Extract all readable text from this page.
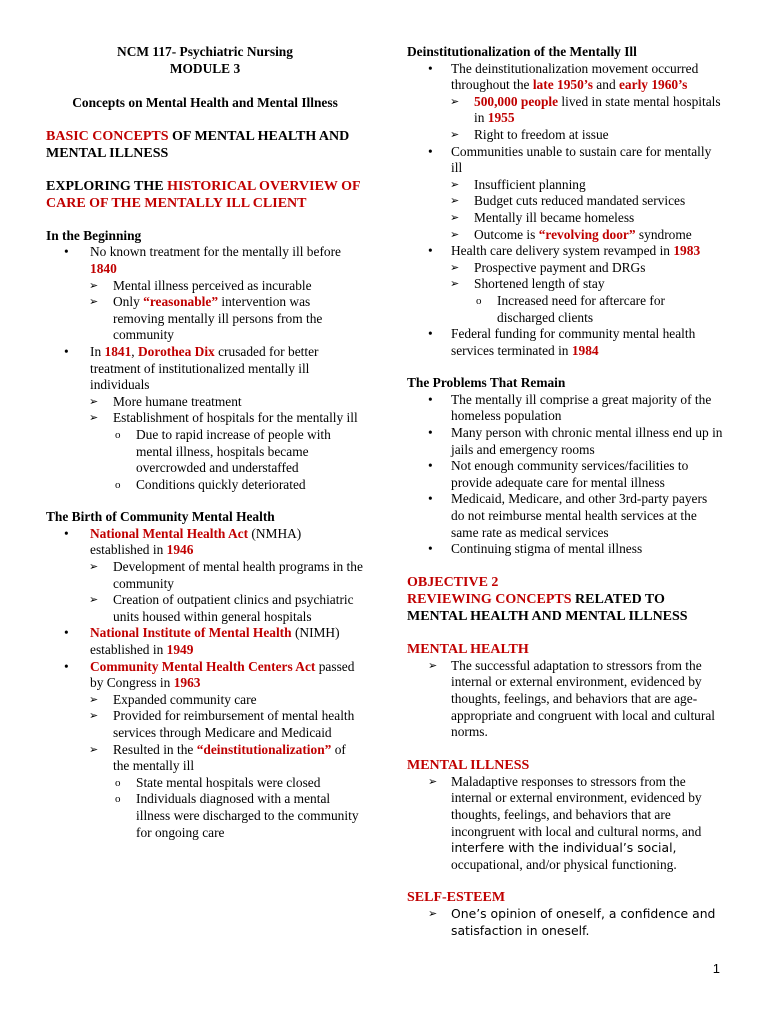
NCM 117- Psychiatric Nursing

MODULE 3

Concepts on Mental Health and Mental Illness

BASIC CONCEPTS OF MENTAL HEALTH AND MENTAL ILLNESS

EXPLORING THE HISTORICAL OVERVIEW OF CARE OF THE MENTALLY ILL CLIENT

In the Beginning

• No known treatment for the mentally ill before 1840
➢ Mental illness perceived as incurable
➢ Only “reasonable” intervention was removing mentally ill persons from the community
• In 1841, Dorothea Dix crusaded for better treatment of institutionalized mentally ill individuals
➢ More humane treatment
➢ Establishment of hospitals for the mentally ill
o Due to rapid increase of people with mental illness, hospitals became overcrowded and understaffed
o Conditions quickly deteriorated

The Birth of Community Mental Health

• National Mental Health Act (NMHA) established in 1946
➢ Development of mental health programs in the community
➢ Creation of outpatient clinics and psychiatric units housed within general hospitals
• National Institute of Mental Health (NIMH) established in 1949
• Community Mental Health Centers Act passed by Congress in 1963
➢ Expanded community care
➢ Provided for reimbursement of mental health services through Medicare and Medicaid
➢ Resulted in the “deinstitutionalization” of the mentally ill
o State mental hospitals were closed
o Individuals diagnosed with a mental illness were discharged to the community for ongoing care

Deinstitutionalization of the Mentally Ill

• The deinstitutionalization movement occurred throughout the late 1950’s and early 1960’s
➢ 500,000 people lived in state mental hospitals in 1955
➢ Right to freedom at issue
• Communities unable to sustain care for mentally ill
➢ Insufficient planning
➢ Budget cuts reduced mandated services
➢ Mentally ill became homeless
➢ Outcome is “revolving door” syndrome
• Health care delivery system revamped in 1983
➢ Prospective payment and DRGs
➢ Shortened length of stay
o Increased need for aftercare for discharged clients
• Federal funding for community mental health services terminated in 1984

The Problems That Remain

• The mentally ill comprise a great majority of the homeless population
• Many person with chronic mental illness end up in jails and emergency rooms
• Not enough community services/facilities to provide adequate care for mental illness
• Medicaid, Medicare, and other 3rd-party payers do not reimburse mental health services at the same rate as medical services
• Continuing stigma of mental illness

OBJECTIVE 2

REVIEWING CONCEPTS RELATED TO MENTAL HEALTH AND MENTAL ILLNESS

MENTAL HEALTH

➢ The successful adaptation to stressors from the internal or external environment, evidenced by thoughts, feelings, and behaviors that are age-appropriate and congruent with local and cultural norms.

MENTAL ILLNESS

➢ Maladaptive responses to stressors from the internal or external environment, evidenced by thoughts, feelings, and behaviors that are incongruent with local and cultural norms, and interfere with the individual’s social, occupational, and/or physical functioning.

SELF-ESTEEM

➢ One’s opinion of oneself, a confidence and satisfaction in oneself.
1
